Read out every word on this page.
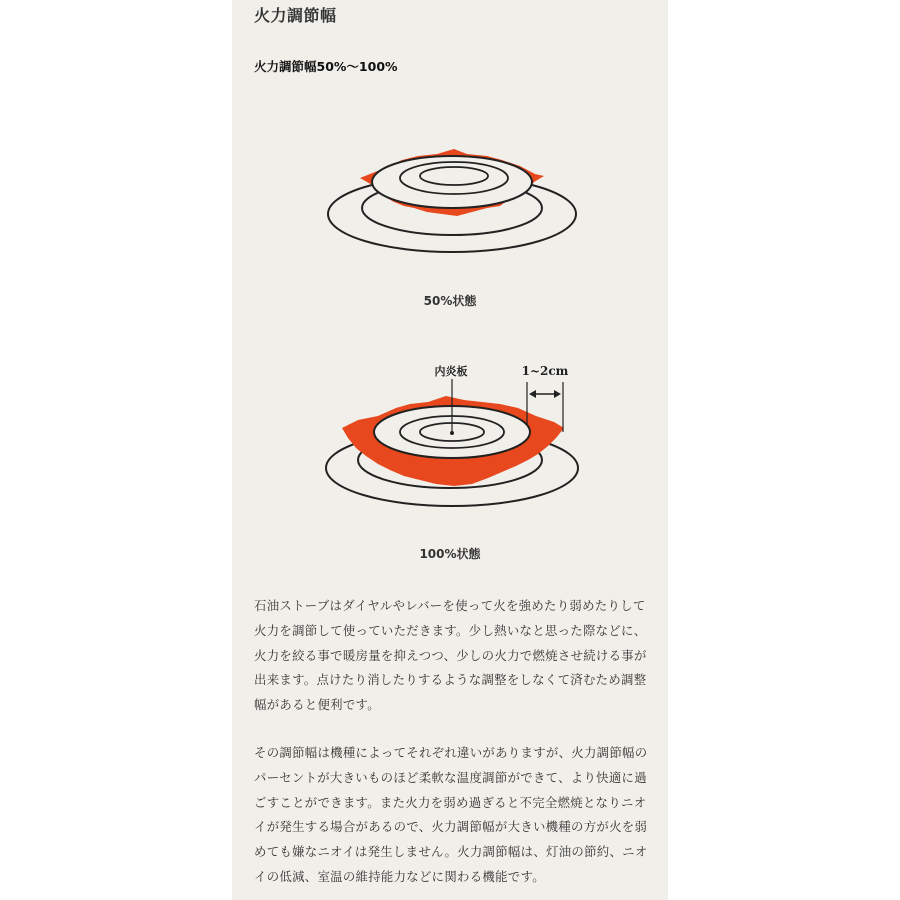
火力調節幅
火力調節幅50%～100%
50%状態
内炎板	1~2cm
100%状態

石油ストーブはダイヤルやレバーを使って火を強めたり弱めたりして火力を調節して使っていただきます。少し熱いなと思った際などに、火力を絞る事で暖房量を抑えつつ、少しの火力で燃焼させ続ける事が出来ます。点けたり消したりするような調整をしなくて済むため調整幅があると便利です。

その調節幅は機種によってそれぞれ違いがありますが、火力調節幅のパーセントが大きいものほど柔軟な温度調節ができて、より快適に過ごすことができます。また火力を弱め過ぎると不完全燃焼となりニオイが発生する場合があるので、火力調節幅が大きい機種の方が火を弱めても嫌なニオイは発生しません。火力調節幅は、灯油の節約、ニオイの低減、室温の維持能力などに関わる機能です。
